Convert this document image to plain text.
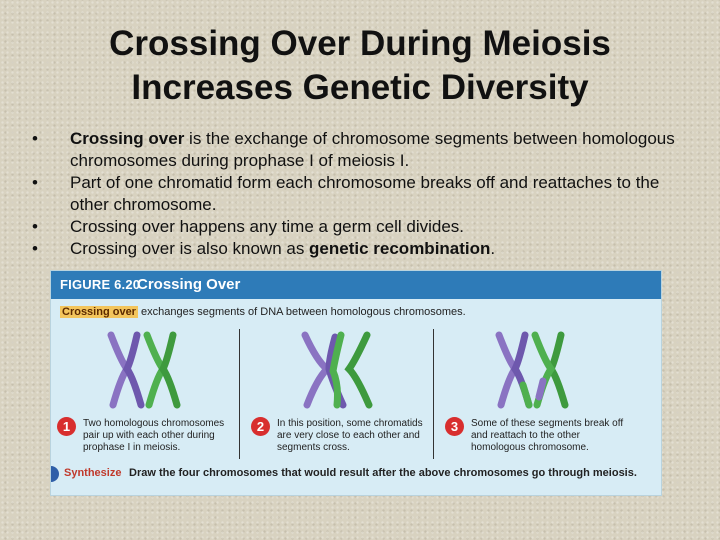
Crossing Over During Meiosis
Increases Genetic Diversity
• Crossing over is the exchange of chromosome segments between homologous chromosomes during prophase I of meiosis I.
• Part of one chromatid form each chromosome breaks off and reattaches to the other chromosome.
• Crossing over happens any time a germ cell divides.
• Crossing over is also known as genetic recombination.
FIGURE 6.20
Crossing Over
Crossing over exchanges segments of DNA between homologous chromosomes.
1	Two homologous chromosomes pair up with each other during prophase I in meiosis.
2	In this position, some chromatids are very close to each other and segments cross.
3	Some of these segments break off and reattach to the other homologous chromosome.
Synthesize Draw the four chromosomes that would result after the above chromosomes go through meiosis.
